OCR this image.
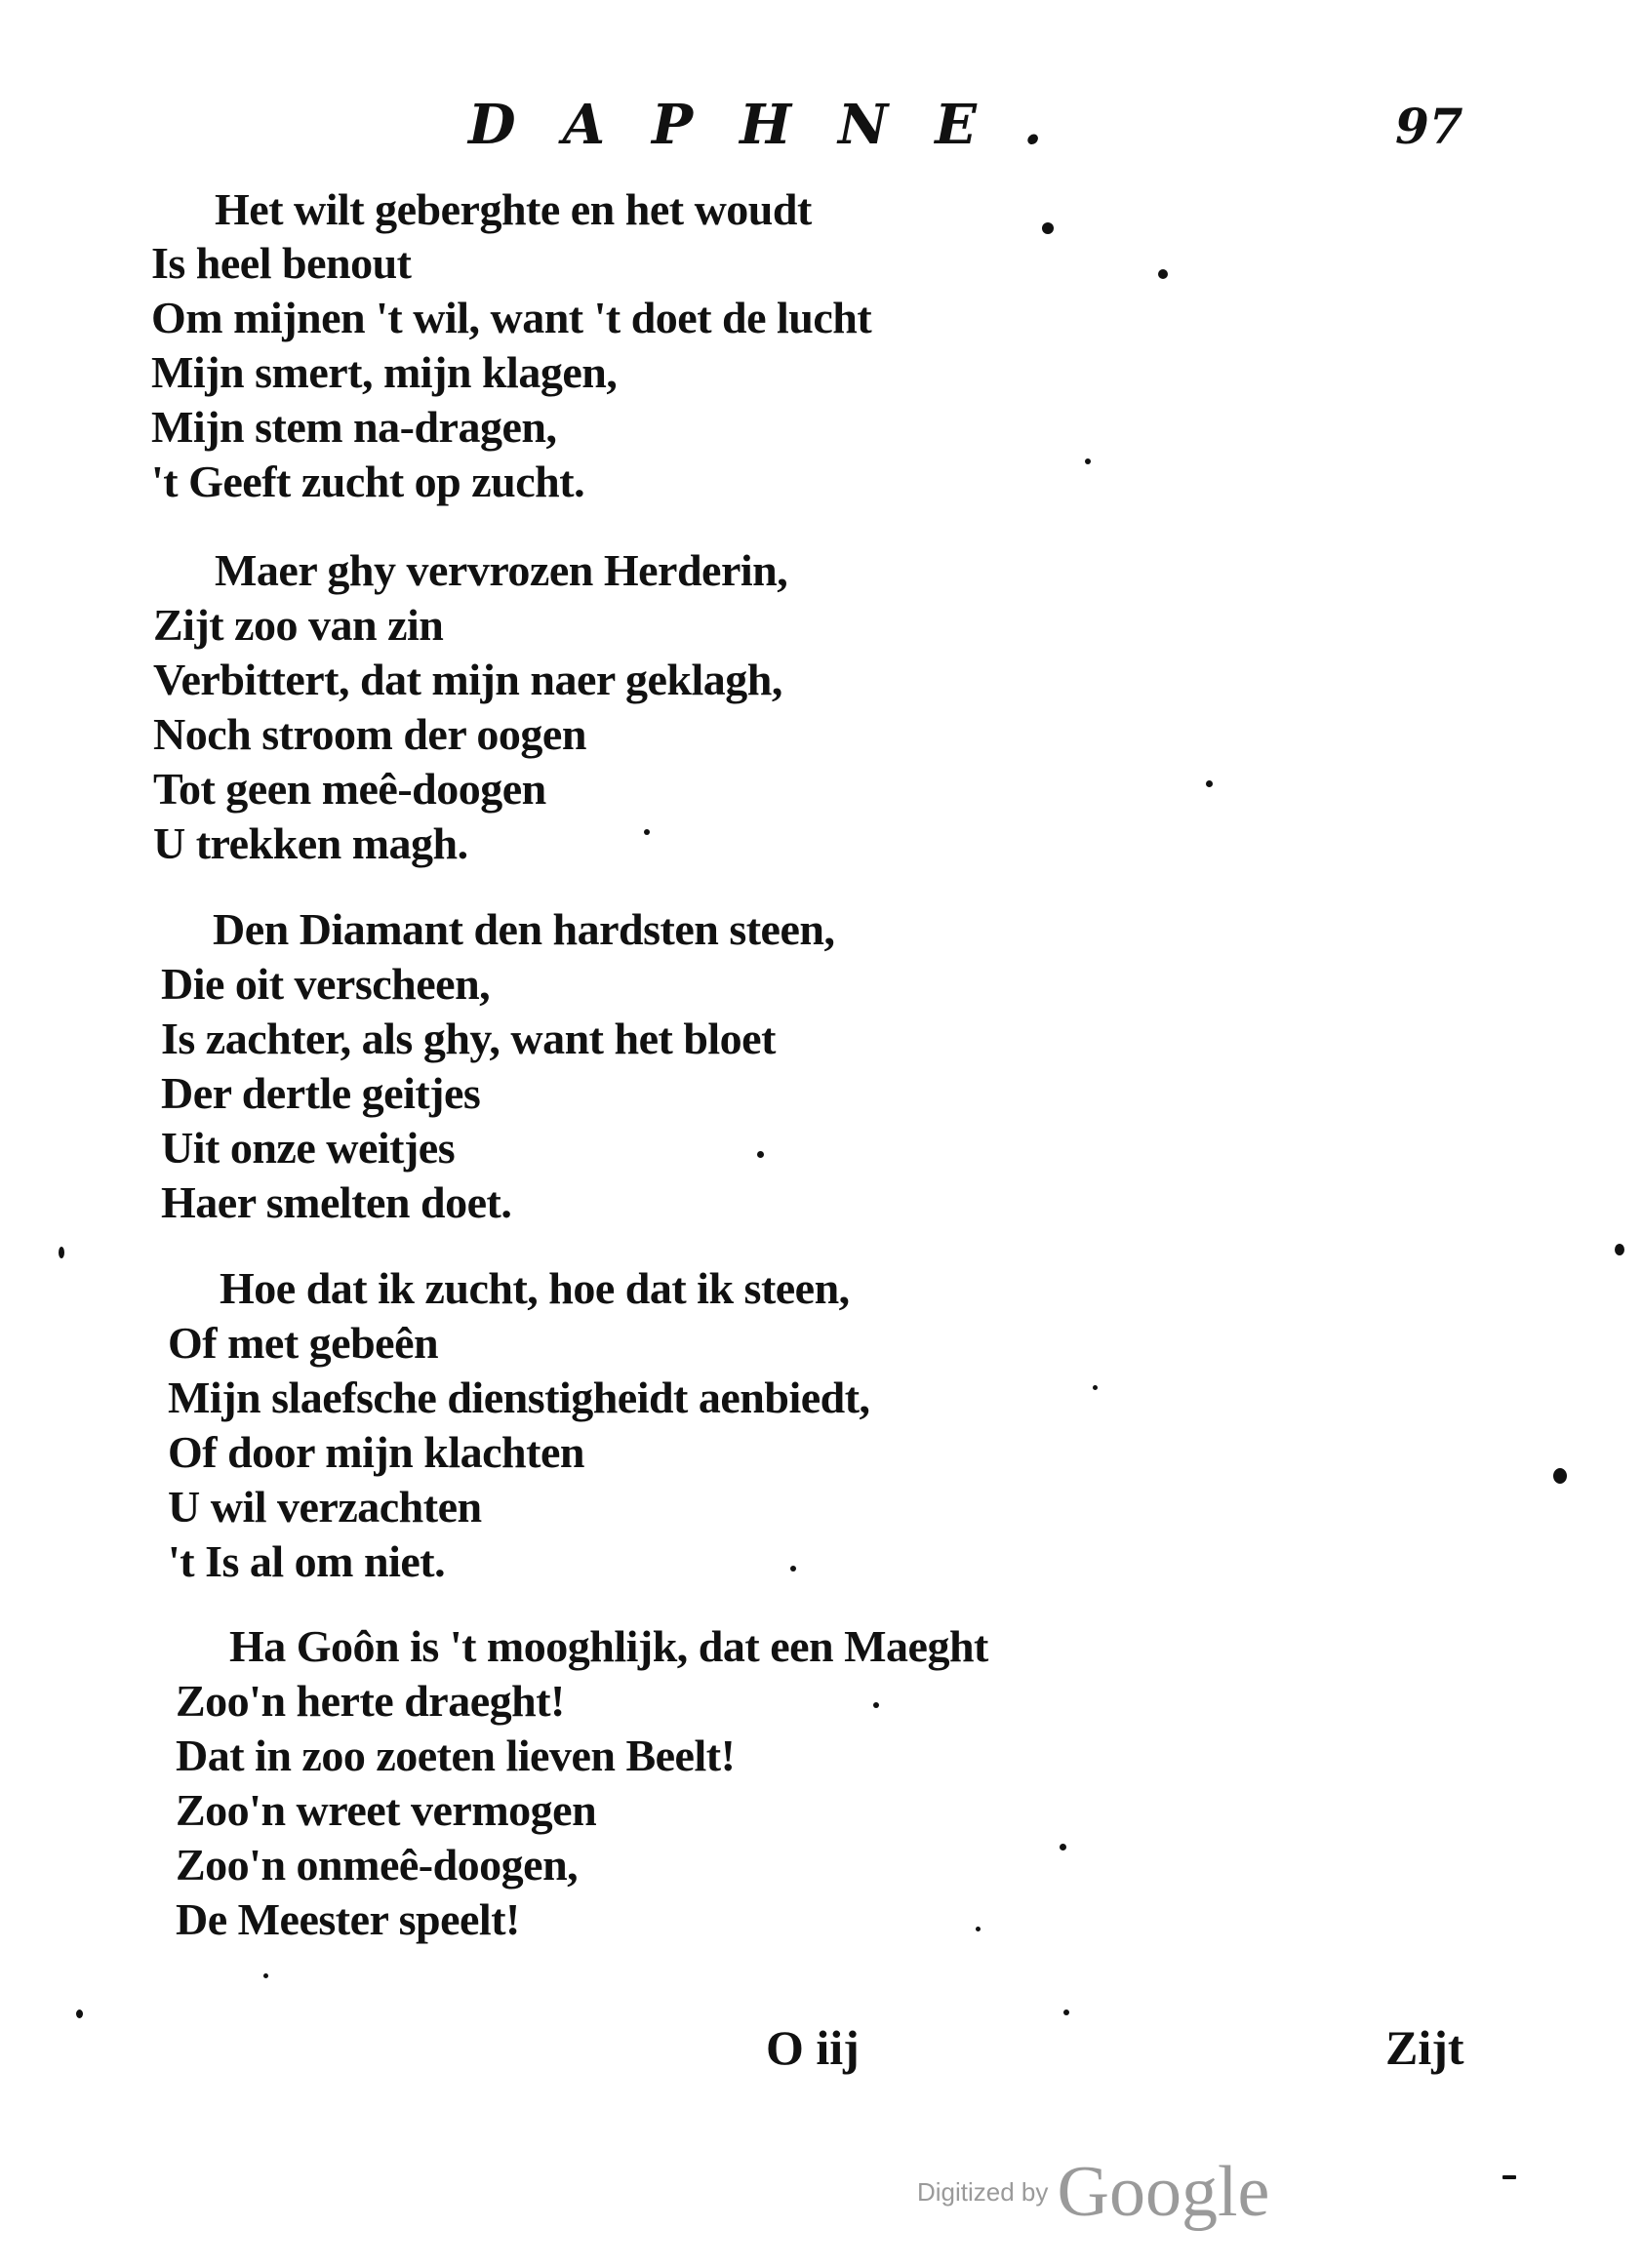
DAPHNE.	97
Het wilt geberghte en het woudt
Is heel benout
Om mijnen 't wil, want 't doet de lucht
Mijn smert, mijn klagen,
Mijn stem na-dragen,
't Geeft zucht op zucht.
Maer ghy vervrozen Herderin,
Zijt zoo van zin
Verbittert, dat mijn naer geklagh,
Noch stroom der oogen
Tot geen meê-doogen
U trekken magh.
Den Diamant den hardsten steen,
Die oit verscheen,
Is zachter, als ghy, want het bloet
Der dertle geitjes
Uit onze weitjes
Haer smelten doet.
Hoe dat ik zucht, hoe dat ik steen,
Of met gebeên
Mijn slaefsche dienstigheidt aenbiedt,
Of door mijn klachten
U wil verzachten
't Is al om niet.
Ha Goôn is 't mooghlijk, dat een Maeght
Zoo'n herte draeght!
Dat in zoo zoeten lieven Beelt!
Zoo'n wreet vermogen
Zoo'n onmeê-doogen,
De Meester speelt!
O iij	Zijt
Digitized by Google
